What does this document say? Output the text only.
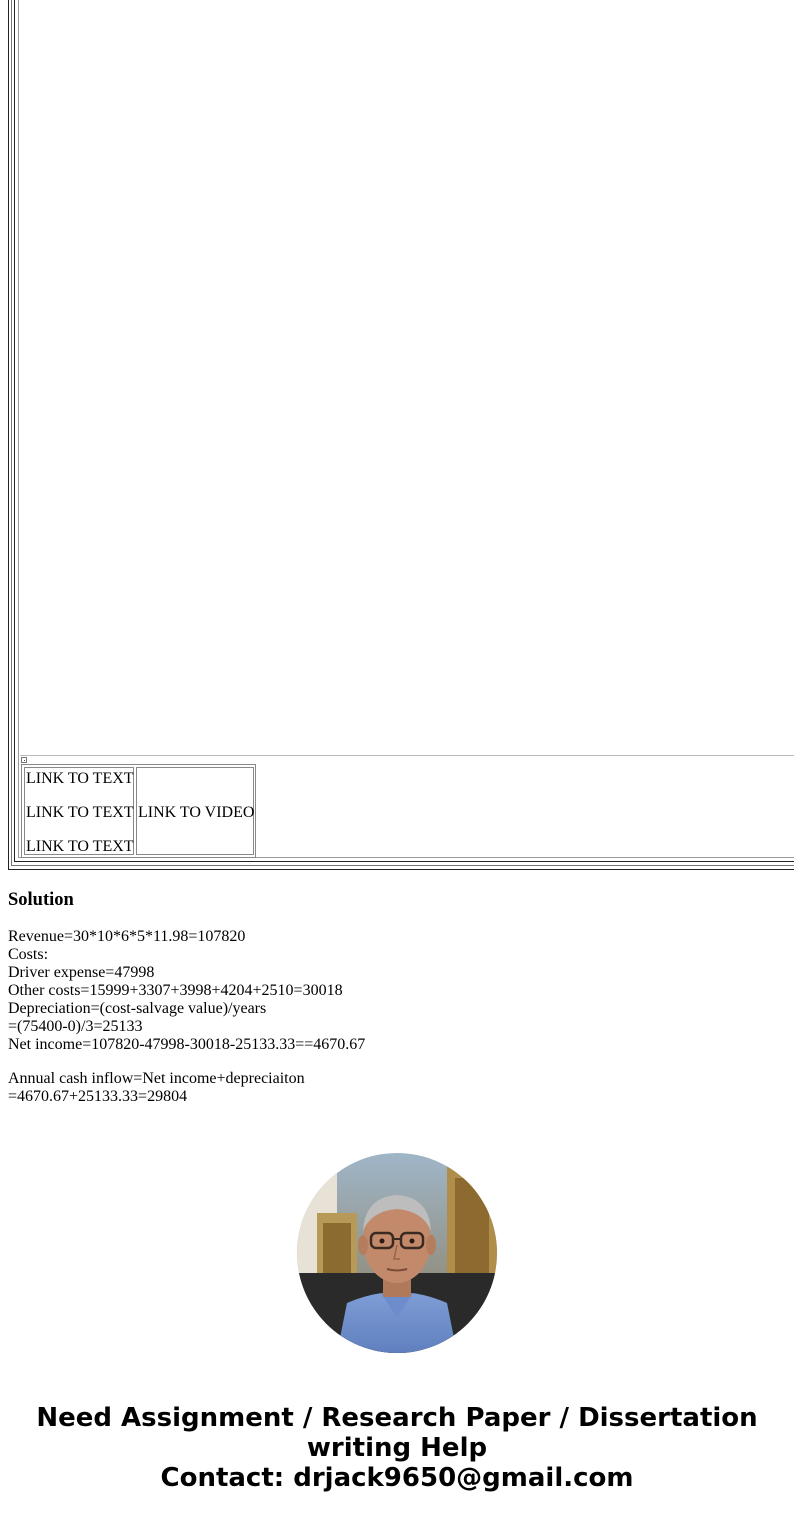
LINK TO TEXT
LINK TO TEXT
LINK TO TEXT
LINK TO VIDEO
Solution
Revenue=30*10*6*5*11.98=107820
Costs:
Driver expense=47998
Other costs=15999+3307+3998+4204+2510=30018
Depreciation=(cost-salvage value)/years
=(75400-0)/3=25133
Net income=107820-47998-30018-25133.33==4670.67
Annual cash inflow=Net income+depreciaiton
=4670.67+25133.33=29804
Need Assignment / Research Paper / Dissertation
writing Help
Contact: drjack9650@gmail.com
